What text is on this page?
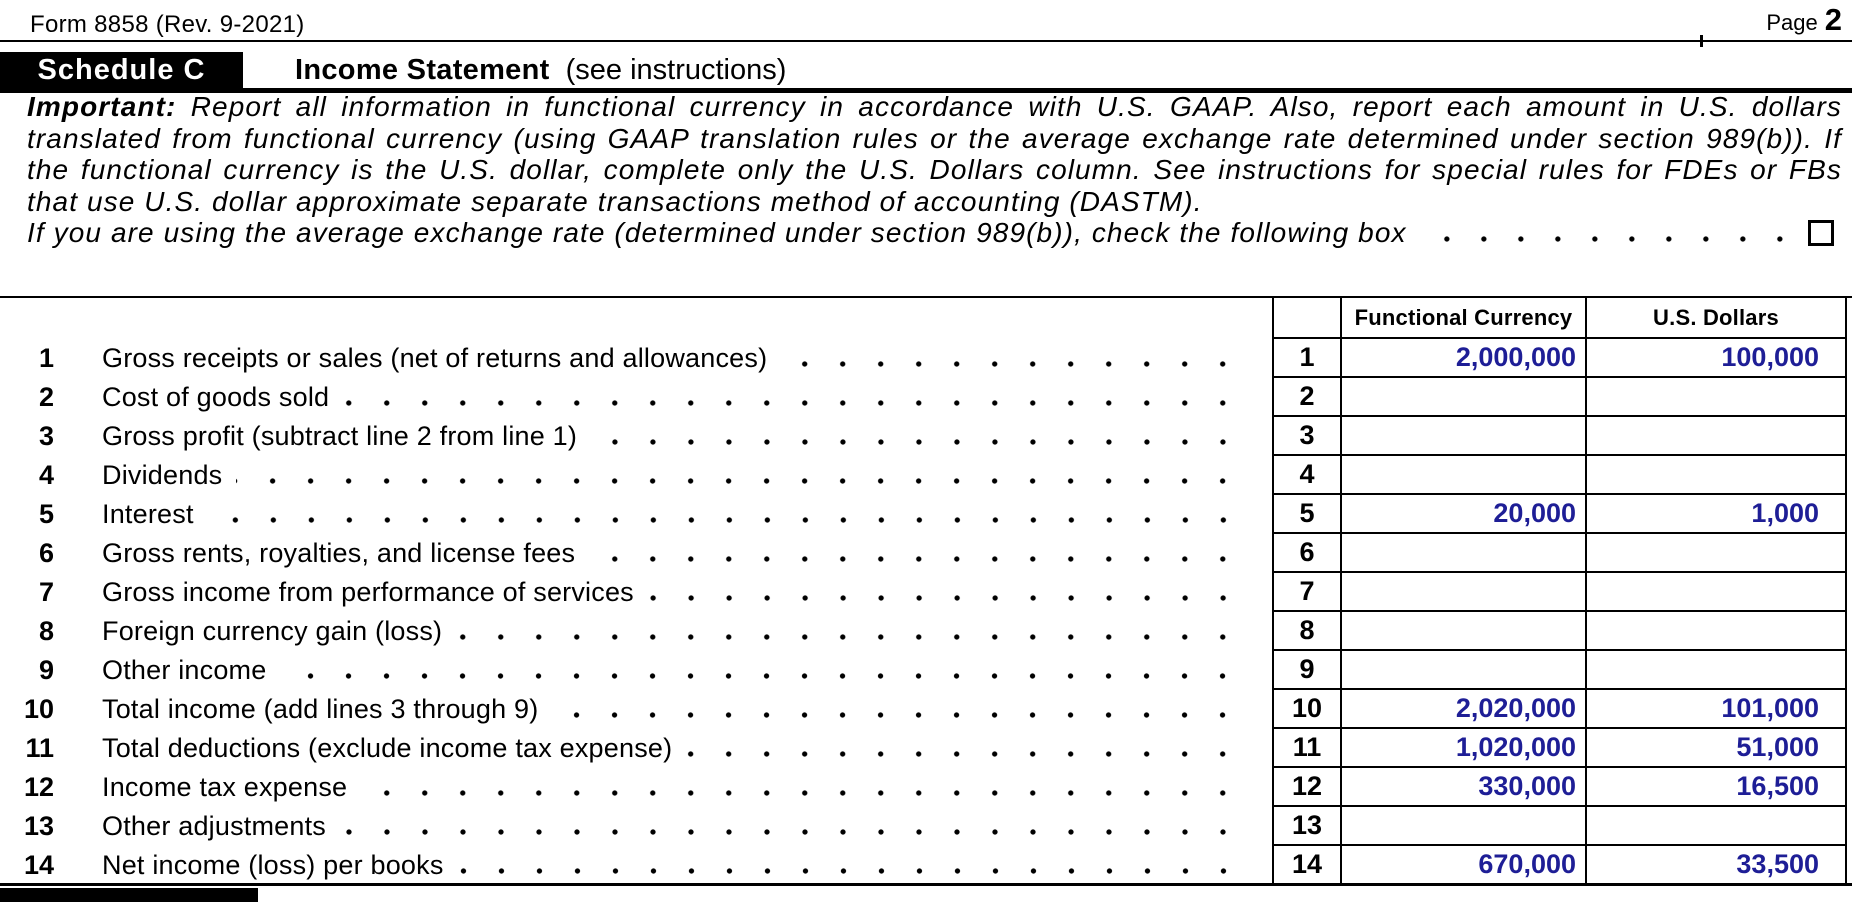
Form 8858 (Rev. 9-2021)	Page 2
Schedule C	Income Statement (see instructions)

Important: Report all information in functional currency in accordance with U.S. GAAP. Also, report each amount in U.S. dollars translated from functional currency (using GAAP translation rules or the average exchange rate determined under section 989(b)). If the functional currency is the U.S. dollar, complete only the U.S. Dollars column. See instructions for special rules for FDEs or FBs that use U.S. dollar approximate separate transactions method of accounting (DASTM).

If you are using the average exchange rate (determined under section 989(b)), check the following box
Functional Currency	U.S. Dollars
1 Gross receipts or sales (net of returns and allowances)	1	2,000,000	100,000
2 Cost of goods sold	2
3 Gross profit (subtract line 2 from line 1)	3
4 Dividends	4
5 Interest	5	20,000	1,000
6 Gross rents, royalties, and license fees	6
7 Gross income from performance of services	7
8 Foreign currency gain (loss)	8
9 Other income	9
10 Total income (add lines 3 through 9)	10	2,020,000	101,000
11 Total deductions (exclude income tax expense)	11	1,020,000	51,000
12 Income tax expense	12	330,000	16,500
13 Other adjustments	13
14 Net income (loss) per books	14	670,000	33,500
